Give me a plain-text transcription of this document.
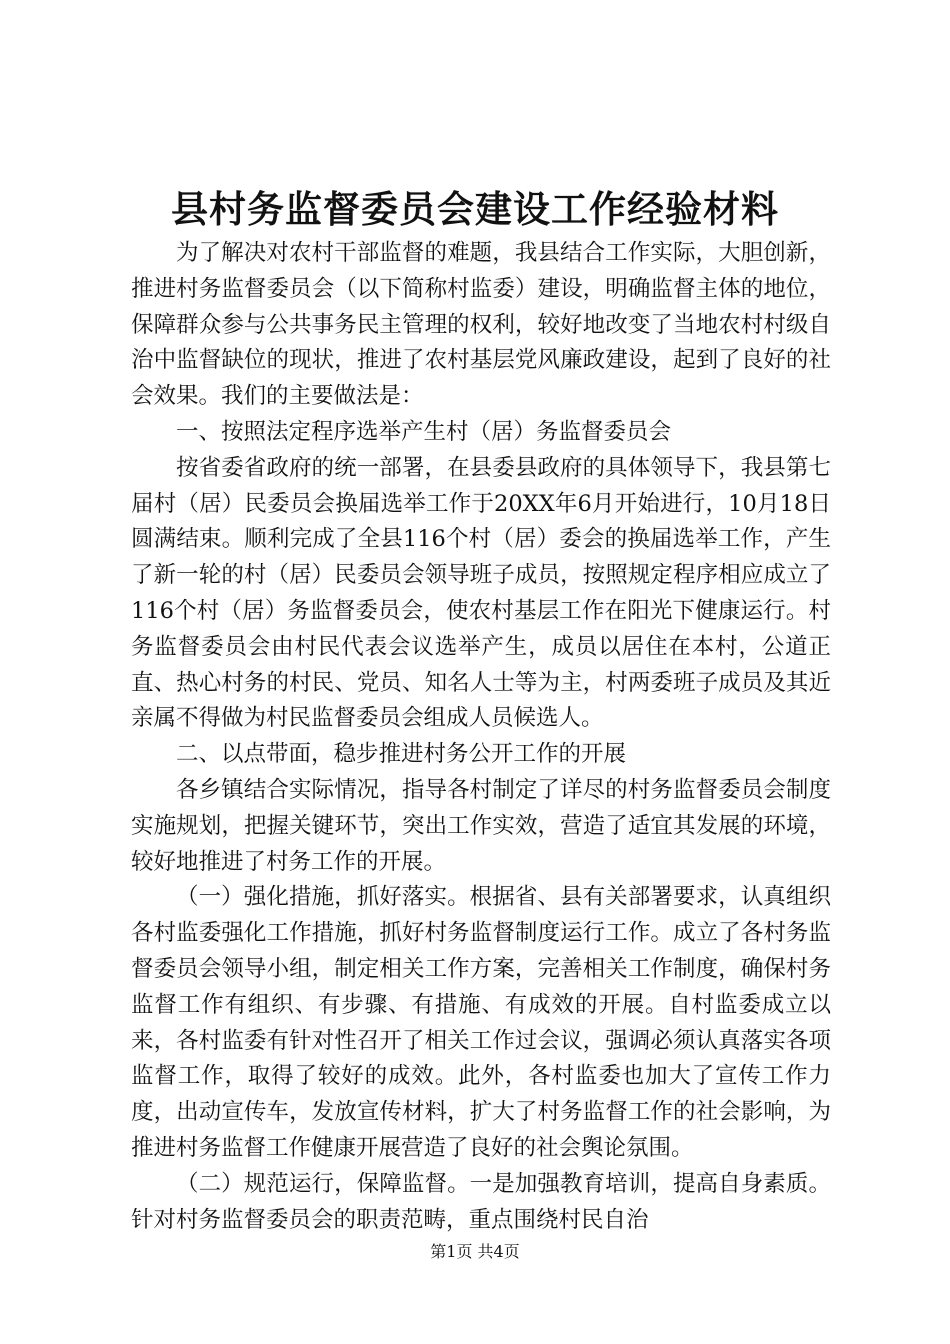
县村务监督委员会建设工作经验材料

为了解决对农村干部监督的难题，我县结合工作实际，大胆创新，推进村务监督委员会（以下简称村监委）建设，明确监督主体的地位，保障群众参与公共事务民主管理的权利，较好地改变了当地农村村级自治中监督缺位的现状，推进了农村基层党风廉政建设，起到了良好的社会效果。我们的主要做法是：

一、按照法定程序选举产生村（居）务监督委员会

按省委省政府的统一部署，在县委县政府的具体领导下，我县第七届村（居）民委员会换届选举工作于20XX年6月开始进行，10月18日圆满结束。顺利完成了全县116个村（居）委会的换届选举工作，产生了新一轮的村（居）民委员会领导班子成员，按照规定程序相应成立了116个村（居）务监督委员会，使农村基层工作在阳光下健康运行。村务监督委员会由村民代表会议选举产生，成员以居住在本村，公道正直、热心村务的村民、党员、知名人士等为主，村两委班子成员及其近亲属不得做为村民监督委员会组成人员候选人。

二、以点带面，稳步推进村务公开工作的开展

各乡镇结合实际情况，指导各村制定了详尽的村务监督委员会制度实施规划，把握关键环节，突出工作实效，营造了适宜其发展的环境，较好地推进了村务工作的开展。

（一）强化措施，抓好落实。根据省、县有关部署要求，认真组织各村监委强化工作措施，抓好村务监督制度运行工作。成立了各村务监督委员会领导小组，制定相关工作方案，完善相关工作制度，确保村务监督工作有组织、有步骤、有措施、有成效的开展。自村监委成立以来，各村监委有针对性召开了相关工作过会议，强调必须认真落实各项监督工作，取得了较好的成效。此外，各村监委也加大了宣传工作力度，出动宣传车，发放宣传材料，扩大了村务监督工作的社会影响，为推进村务监督工作健康开展营造了良好的社会舆论氛围。

（二）规范运行，保障监督。一是加强教育培训，提高自身素质。针对村务监督委员会的职责范畴，重点围绕村民自治

第1页 共4页
